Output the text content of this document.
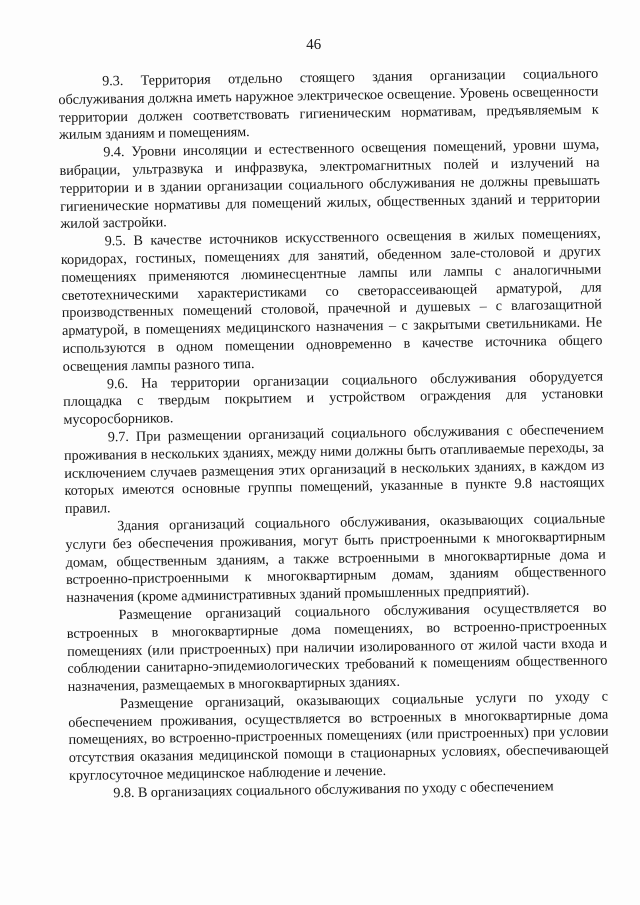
46

9.3. Территория отдельно стоящего здания организации социального обслуживания должна иметь наружное электрическое освещение. Уровень освещенности территории должен соответствовать гигиеническим нормативам, предъявляемым к жилым зданиям и помещениям.

9.4. Уровни инсоляции и естественного освещения помещений, уровни шума, вибрации, ультразвука и инфразвука, электромагнитных полей и излучений на территории и в здании организации социального обслуживания не должны превышать гигиенические нормативы для помещений жилых, общественных зданий и территории жилой застройки.

9.5. В качестве источников искусственного освещения в жилых помещениях, коридорах, гостиных, помещениях для занятий, обеденном зале-столовой и других помещениях применяются люминесцентные лампы или лампы с аналогичными светотехническими характеристиками со светорассеивающей арматурой, для производственных помещений столовой, прачечной и душевых – с влагозащитной арматурой, в помещениях медицинского назначения – с закрытыми светильниками. Не используются в одном помещении одновременно в качестве источника общего освещения лампы разного типа.

9.6. На территории организации социального обслуживания оборудуется площадка с твердым покрытием и устройством ограждения для установки мусоросборников.

9.7. При размещении организаций социального обслуживания с обеспечением проживания в нескольких зданиях, между ними должны быть отапливаемые переходы, за исключением случаев размещения этих организаций в нескольких зданиях, в каждом из которых имеются основные группы помещений, указанные в пункте 9.8 настоящих правил.

Здания организаций социального обслуживания, оказывающих социальные услуги без обеспечения проживания, могут быть пристроенными к многоквартирным домам, общественным зданиям, а также встроенными в многоквартирные дома и встроенно-пристроенными к многоквартирным домам, зданиям общественного назначения (кроме административных зданий промышленных предприятий).

Размещение организаций социального обслуживания осуществляется во встроенных в многоквартирные дома помещениях, во встроенно-пристроенных помещениях (или пристроенных) при наличии изолированного от жилой части входа и соблюдении санитарно-эпидемиологических требований к помещениям общественного назначения, размещаемых в многоквартирных зданиях.

Размещение организаций, оказывающих социальные услуги по уходу с обеспечением проживания, осуществляется во встроенных в многоквартирные дома помещениях, во встроенно-пристроенных помещениях (или пристроенных) при условии отсутствия оказания медицинской помощи в стационарных условиях, обеспечивающей круглосуточное медицинское наблюдение и лечение.

9.8. В организациях социального обслуживания по уходу с обеспечением
